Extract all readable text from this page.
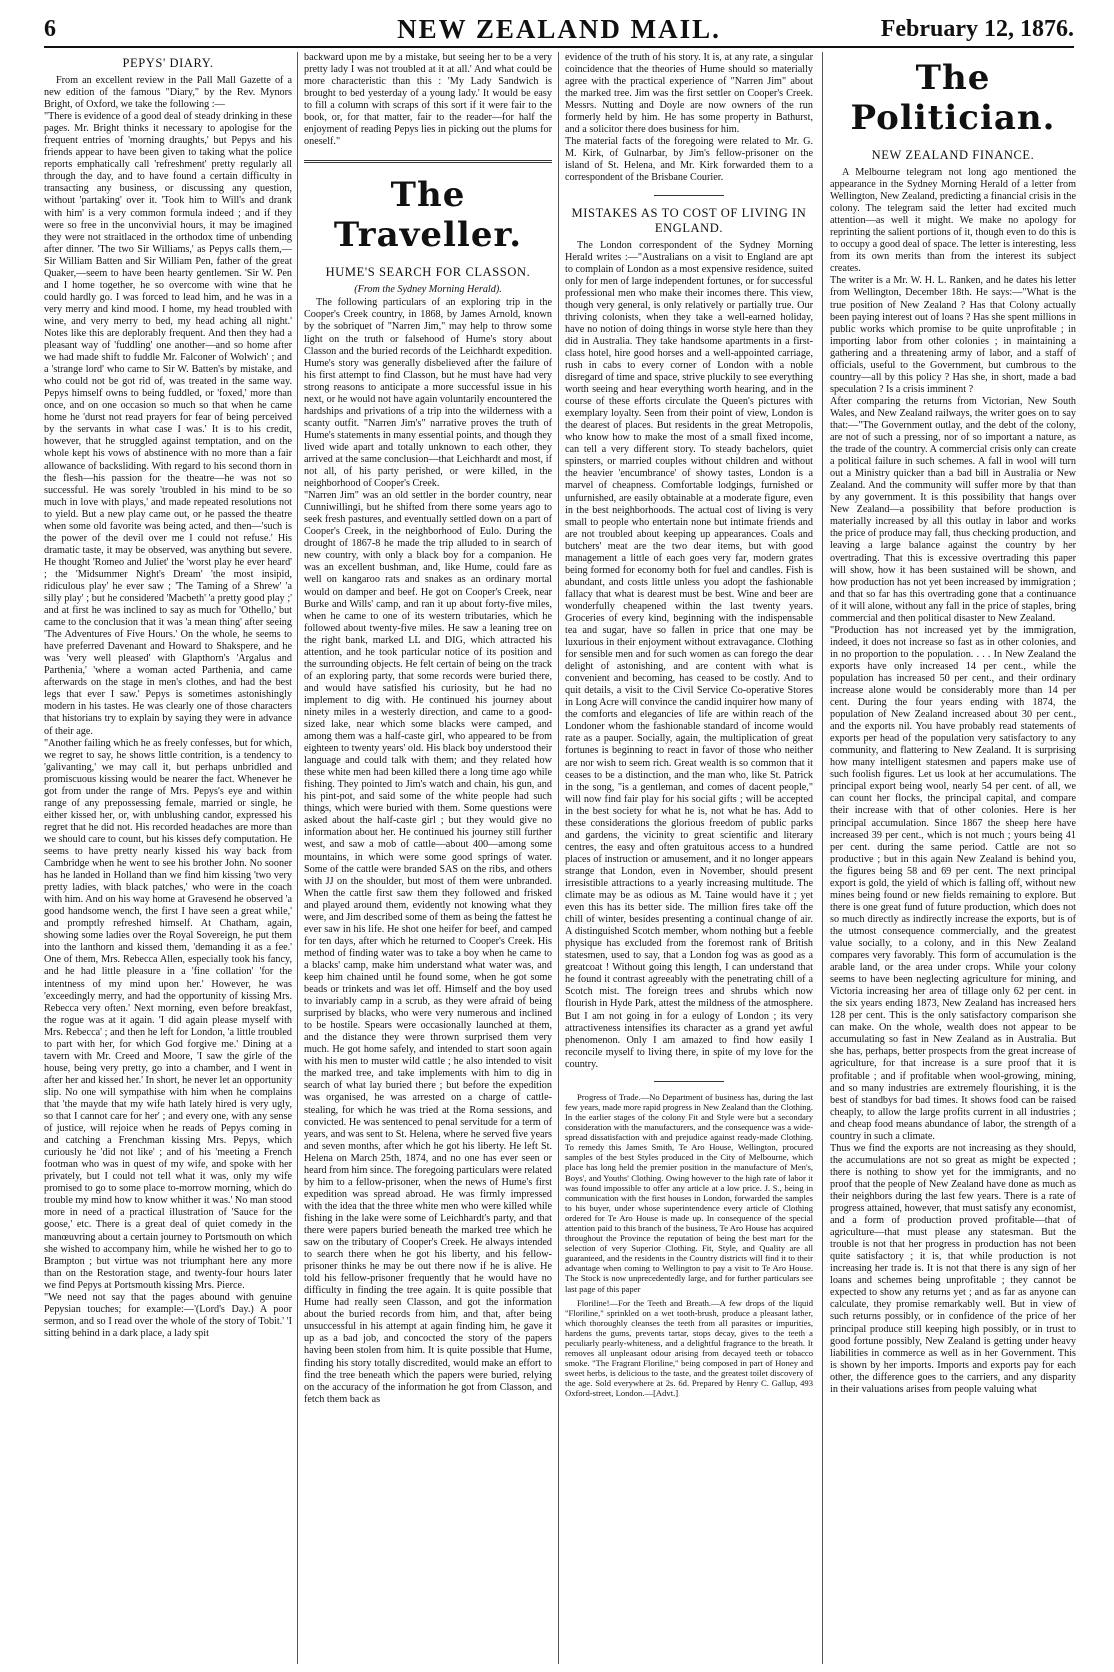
6	NEW ZEALAND MAIL.	February 12, 1876.
PEPYS' DIARY.

From an excellent review in the Pall Mall Gazette of a new edition of the famous "Diary," by the Rev. Mynors Bright, of Oxford, we take the following :—
"There is evidence of a good deal of steady drinking in these pages. Mr. Bright thinks it necessary to apologise for the frequent entries of 'morning draughts,' but Pepys and his friends appear to have been given to taking what the police reports emphatically call 'refreshment' pretty regularly all through the day, and to have found a certain difficulty in transacting any business, or discussing any question, without 'partaking' over it. 'Took him to Will's and drank with him' is a very common formula indeed ; and if they were so free in the unconvivial hours, it may be imagined they were not straitlaced in the orthodox time of unbending after dinner. 'The two Sir Williams,' as Pepys calls them,—Sir William Batten and Sir William Pen, father of the great Quaker,—seem to have been hearty gentlemen. 'Sir W. Pen and I home together, he so overcome with wine that he could hardly go. I was forced to lead him, and he was in a very merry and kind mood. I home, my head troubled with wine, and very merry to bed, my head aching all night.' Notes like this are deplorably frequent. And then they had a pleasant way of 'fuddling' one another—and so home after we had made shift to fuddle Mr. Falconer of Wolwich' ; and a 'strange lord' who came to Sir W. Batten's by mistake, and who could not be got rid of, was treated in the same way. Pepys himself owns to being fuddled, or 'foxed,' more than once, and on one occasion so much so that when he came home he 'durst not read prayers for fear of being perceived by the servants in what case I was.' It is to his credit, however, that he struggled against temptation, and on the whole kept his vows of abstinence with no more than a fair allowance of backsliding. With regard to his second thorn in the flesh—his passion for the theatre—he was not so successful. He was sorely 'troubled in his mind to be so much in love with plays,' and made repeated resolutions not to yield. But a new play came out, or he passed the theatre when some old favorite was being acted, and then—'such is the power of the devil over me I could not refuse.' His dramatic taste, it may be observed, was anything but severe. He thought 'Romeo and Juliet' the 'worst play he ever heard' ; the 'Midsummer Night's Dream' 'the most insipid, ridiculous play' he ever saw ; 'The Taming of a Shrew' 'a silly play' ; but he considered 'Macbeth' 'a pretty good play ;' and at first he was inclined to say as much for 'Othello,' but came to the conclusion that it was 'a mean thing' after seeing 'The Adventures of Five Hours.' On the whole, he seems to have preferred Davenant and Howard to Shakspere, and he was 'very well pleased' with Glapthorn's 'Argalus and Parthenia,' 'where a woman acted Parthenia, and came afterwards on the stage in men's clothes, and had the best legs that ever I saw.' Pepys is sometimes astonishingly modern in his tastes. He was clearly one of those characters that historians try to explain by saying they were in advance of their age.
"Another failing which he as freely confesses, but for which, we regret to say, he shows little contrition, is a tendency to 'galivanting,' we may call it, but perhaps unbridled and promiscuous kissing would be nearer the fact. Whenever he got from under the range of Mrs. Pepys's eye and within range of any prepossessing female, married or single, he either kissed her, or, with unblushing candor, expressed his regret that he did not. His recorded headaches are more than we should care to count, but his kisses defy computation. He seems to have pretty nearly kissed his way back from Cambridge when he went to see his brother John. No sooner has he landed in Holland than we find him kissing 'two very pretty ladies, with black patches,' who were in the coach with him. And on his way home at Gravesend he observed 'a good handsome wench, the first I have seen a great while,' and promptly refreshed himself. At Chatham, again, showing some ladies over the Royal Sovereign, he put them into the lanthorn and kissed them, 'demanding it as a fee.' One of them, Mrs. Rebecca Allen, especially took his fancy, and he had little pleasure in a 'fine collation' 'for the intentness of my mind upon her.' However, he was 'exceedingly merry, and had the opportunity of kissing Mrs. Rebecca very often.' Next morning, even before breakfast, the rogue was at it again. 'I did again please myself with Mrs. Rebecca' ; and then he left for London, 'a little troubled to part with her, for which God forgive me.' Dining at a tavern with Mr. Creed and Moore, 'I saw the girle of the house, being very pretty, go into a chamber, and I went in after her and kissed her.' In short, he never let an opportunity slip. No one will sympathise with him when he complains that 'the mayde that my wife hath lately hired is very ugly, so that I cannot care for her' ; and every one, with any sense of justice, will rejoice when he reads of Pepys coming in and catching a Frenchman kissing Mrs. Pepys, which curiously he 'did not like' ; and of his 'meeting a French footman who was in quest of my wife, and spoke with her privately, but I could not tell what it was, only my wife promised to go to some place to-morrow morning, which do trouble my mind how to know whither it was.' No man stood more in need of a practical illustration of 'Sauce for the goose,' etc. There is a great deal of quiet comedy in the manœuvring about a certain journey to Portsmouth on which she wished to accompany him, while he wished her to go to Brampton ; but virtue was not triumphant here any more than on the Restoration stage, and twenty-four hours later we find Pepys at Portsmouth kissing Mrs. Pierce.
"We need not say that the pages abound with genuine Pepysian touches; for example:—'(Lord's Day.) A poor sermon, and so I read over the whole of the story of Tobit.' 'I sitting behind in a dark place, a lady spit

backward upon me by a mistake, but seeing her to be a very pretty lady I was not troubled at it at all.' And what could be more characteristic than this : 'My Lady Sandwich is brought to bed yesterday of a young lady.' It would be easy to fill a column with scraps of this sort if it were fair to the book, or, for that matter, fair to the reader—for half the enjoyment of reading Pepys lies in picking out the plums for oneself."

The Traveller.
HUME'S SEARCH FOR CLASSON.
(From the Sydney Morning Herald).

The following particulars of an exploring trip in the Cooper's Creek country, in 1868, by James Arnold, known by the sobriquet of "Narren Jim," may help to throw some light on the truth or falsehood of Hume's story about Classon and the buried records of the Leichhardt expedition. Hume's story was generally disbelieved after the failure of his first attempt to find Classon, but he must have had very strong reasons to anticipate a more successful issue in his next, or he would not have again voluntarily encountered the hardships and privations of a trip into the wilderness with a scanty outfit. "Narren Jim's" narrative proves the truth of Hume's statements in many essential points, and though they lived wide apart and totally unknown to each other, they arrived at the same conclusion—that Leichhardt and most, if not all, of his party perished, or were killed, in the neighborhood of Cooper's Creek.
"Narren Jim" was an old settler in the border country, near Cunniwillingi, but he shifted from there some years ago to seek fresh pastures, and eventually settled down on a part of Cooper's Creek, in the neighborhood of Eulo. During the drought of 1867-8 he made the trip alluded to in search of new country, with only a black boy for a companion. He was an excellent bushman, and, like Hume, could fare as well on kangaroo rats and snakes as an ordinary mortal would on damper and beef. He got on Cooper's Creek, near Burke and Wills' camp, and ran it up about forty-five miles, when he came to one of its western tributaries, which he followed about twenty-five miles. He saw a leaning tree on the right bank, marked LL and DIG, which attracted his attention, and he took particular notice of its position and the surrounding objects. He felt certain of being on the track of an exploring party, that some records were buried there, and would have satisfied his curiosity, but he had no implement to dig with. He continued his journey about ninety miles in a westerly direction, and came to a good-sized lake, near which some blacks were camped, and among them was a half-caste girl, who appeared to be from eighteen to twenty years' old. His black boy understood their language and could talk with them; and they related how these white men had been killed there a long time ago while fishing. They pointed to Jim's watch and chain, his gun, and his pint-pot, and said some of the white people had such things, which were buried with them. Some questions were asked about the half-caste girl ; but they would give no information about her. He continued his journey still further west, and saw a mob of cattle—about 400—among some mountains, in which were some good springs of water. Some of the cattle were branded SAS on the ribs, and others with JJ on the shoulder, but most of them were unbranded. When the cattle first saw them they followed and frisked and played around them, evidently not knowing what they were, and Jim described some of them as being the fattest he ever saw in his life. He shot one heifer for beef, and camped for ten days, after which he returned to Cooper's Creek. His method of finding water was to take a boy when he came to a blacks' camp, make him understand what water was, and keep him chained until he found some, when he got some beads or trinkets and was let off. Himself and the boy used to invariably camp in a scrub, as they were afraid of being surprised by blacks, who were very numerous and inclined to be hostile. Spears were occasionally launched at them, and the distance they were thrown surprised them very much. He got home safely, and intended to start soon again with his men to muster wild cattle ; he also intended to visit the marked tree, and take implements with him to dig in search of what lay buried there ; but before the expedition was organised, he was arrested on a charge of cattle-stealing, for which he was tried at the Roma sessions, and convicted. He was sentenced to penal servitude for a term of years, and was sent to St. Helena, where he served five years and seven months, after which he got his liberty. He left St. Helena on March 25th, 1874, and no one has ever seen or heard from him since. The foregoing particulars were related by him to a fellow-prisoner, when the news of Hume's first expedition was spread abroad. He was firmly impressed with the idea that the three white men who were killed while fishing in the lake were some of Leichhardt's party, and that there were papers buried beneath the marked tree which he saw on the tributary of Cooper's Creek. He always intended to search there when he got his liberty, and his fellow-prisoner thinks he may be out there now if he is alive. He told his fellow-prisoner frequently that he would have no difficulty in finding the tree again. It is quite possible that Hume had really seen Classon, and got the information about the buried records from him, and that, after being unsuccessful in his attempt at again finding him, he gave it up as a bad job, and concocted the story of the papers having been stolen from him. It is quite possible that Hume, finding his story totally discredited, would make an effort to find the tree beneath which the papers were buried, relying on the accuracy of the information he got from Classon, and fetch them back as

evidence of the truth of his story. It is, at any rate, a singular coincidence that the theories of Hume should so materially agree with the practical experience of "Narren Jim" about the marked tree. Jim was the first settler on Cooper's Creek. Messrs. Nutting and Doyle are now owners of the run formerly held by him. He has some property in Bathurst, and a solicitor there does business for him.
The material facts of the foregoing were related to Mr. G. M. Kirk, of Gulnarbar, by Jim's fellow-prisoner on the island of St. Helena, and Mr. Kirk forwarded them to a correspondent of the Brisbane Courier.

MISTAKES AS TO COST OF LIVING IN ENGLAND.

The London correspondent of the Sydney Morning Herald writes :—"Australians on a visit to England are apt to complain of London as a most expensive residence, suited only for men of large independent fortunes, or for successful professional men who make their incomes there. This view, though very general, is only relatively or partially true. Our thriving colonists, when they take a well-earned holiday, have no notion of doing things in worse style here than they did in Australia. They take handsome apartments in a first-class hotel, hire good horses and a well-appointed carriage, rush in cabs to every corner of London with a noble disregard of time and space, strive pluckily to see everything worth seeing and hear everything worth hearing, and in the course of these efforts circulate the Queen's pictures with exemplary loyalty. Seen from their point of view, London is the dearest of places. But residents in the great Metropolis, who know how to make the most of a small fixed income, can tell a very different story. To steady bachelors, quiet spinsters, or married couples without children and without the heavier 'encumbrance' of showy tastes, London is a marvel of cheapness. Comfortable lodgings, furnished or unfurnished, are easily obtainable at a moderate figure, even in the best neighborhoods. The actual cost of living is very small to people who entertain none but intimate friends and are not troubled about keeping up appearances. Coals and butchers' meat are the two dear items, but with good management a little of each goes very far, modern grates being formed for economy both for fuel and candles. Fish is abundant, and costs little unless you adopt the fashionable fallacy that what is dearest must be best. Wine and beer are wonderfully cheapened within the last twenty years. Groceries of every kind, beginning with the indispensable tea and sugar, have so fallen in price that one may be luxurious in their enjoyment without extravagance. Clothing for sensible men and for such women as can forego the dear delight of astonishing, and are content with what is convenient and becoming, has ceased to be costly. And to quit details, a visit to the Civil Service Co-operative Stores in Long Acre will convince the candid inquirer how many of the comforts and elegancies of life are within reach of the Londoner whom the fashionable standard of income would rate as a pauper. Socially, again, the multiplication of great fortunes is beginning to react in favor of those who neither are nor wish to seem rich. Great wealth is so common that it ceases to be a distinction, and the man who, like St. Patrick in the song, "is a gentleman, and comes of dacent people," will now find fair play for his social gifts ; will be accepted in the best society for what he is, not what he has. Add to these considerations the glorious freedom of public parks and gardens, the vicinity to great scientific and literary centres, the easy and often gratuitous access to a hundred places of instruction or amusement, and it no longer appears strange that London, even in November, should present irresistible attractions to a yearly increasing multitude. The climate may be as odious as M. Taine would have it ; yet even this has its better side. The million fires take off the chill of winter, besides presenting a continual change of air. A distinguished Scotch member, whom nothing but a feeble physique has excluded from the foremost rank of British statesmen, used to say, that a London fog was as good as a greatcoat ! Without going this length, I can understand that he found it contrast agreeably with the penetrating chill of a Scotch mist. The foreign trees and shrubs which now flourish in Hyde Park, attest the mildness of the atmosphere. But I am not going in for a eulogy of London ; its very attractiveness intensifies its character as a grand yet awful phenomenon. Only I am amazed to find how easily I reconcile myself to living there, in spite of my love for the country.

Progress of Trade.—No Department of business has, during the last few years, made more rapid progress in New Zealand than the Clothing. In the earlier stages of the colony Fit and Style were but a secondary consideration with the manufacturers, and the consequence was a wide-spread dissatisfaction with and prejudice against ready-made Clothing. To remedy this James Smith, Te Aro House, Wellington, procured samples of the best Styles produced in the City of Melbourne, which place has long held the premier position in the manufacture of Men's, Boys', and Youths' Clothing. Owing however to the high rate of labor it was found impossible to offer any article at a low price. J. S., being in communication with the first houses in London, forwarded the samples to his buyer, under whose superintendence every article of Clothing ordered for Te Aro House is made up. In consequence of the special attention paid to this branch of the business, Te Aro House has acquired throughout the Province the reputation of being the best mart for the selection of very Superior Clothing. Fit, Style, and Quality are all guaranteed, and the residents in the Country districts will find it to their advantage when coming to Wellington to pay a visit to Te Aro House. The Stock is now unprecedentedly large, and for further particulars see last page of this paper

Floriline!—For the Teeth and Breath.—A few drops of the liquid "Floriline," sprinkled on a wet tooth-brush, produce a pleasant lather, which thoroughly cleanses the teeth from all parasites or impurities, hardens the gums, prevents tartar, stops decay, gives to the teeth a peculiarly pearly-whiteness, and a delightful fragrance to the breath. It removes all unpleasant odour arising from decayed teeth or tobacco smoke. "The Fragrant Floriline," being composed in part of Honey and sweet herbs, is delicious to the taste, and the greatest toilet discovery of the age. Sold everywhere at 2s. 6d. Prepared by Henry C. Gallup, 493 Oxford-street, London.—[Advt.]

The Politician.
NEW ZEALAND FINANCE.

A Melbourne telegram not long ago mentioned the appearance in the Sydney Morning Herald of a letter from Wellington, New Zealand, predicting a financial crisis in the colony. The telegram said the letter had excited much attention—as well it might. We make no apology for reprinting the salient portions of it, though even to do this is to occupy a good deal of space. The letter is interesting, less from its own merits than from the interest its subject creates.
The writer is a Mr. W. H. L. Ranken, and he dates his letter from Wellington, December 18th. He says:—"What is the true position of New Zealand ? Has that Colony actually been paying interest out of loans ? Has she spent millions in public works which promise to be quite unprofitable ; in importing labor from other colonies ; in maintaining a gathering and a threatening army of labor, and a staff of officials, useful to the Government, but cumbrous to the country—all by this policy ? Has she, in short, made a bad speculation ? Is a crisis imminent ?
After comparing the returns from Victorian, New South Wales, and New Zealand railways, the writer goes on to say that:—"The Government outlay, and the debt of the colony, are not of such a pressing, nor of so important a nature, as the trade of the country. A commercial crisis only can create a political failure in such schemes. A fall in wool will turn out a Ministry quicker than a bad bill in Australia or New Zealand. And the community will suffer more by that than by any government. It is this possibility that hangs over New Zealand—a possibility that before production is materially increased by all this outlay in labor and works the price of produce may fall, thus checking production, and leaving a large balance against the country by her overtrading. That this is excessive overtrading this paper will show, how it has been sustained will be shown, and how production has not yet been increased by immigration ; and that so far has this overtrading gone that a continuance of it will alone, without any fall in the price of staples, bring commercial and then political disaster to New Zealand.
"Production has not increased yet by the immigration, indeed, it does not increase so fast as in other colonies, and in no proportion to the population. . . . In New Zealand the exports have only increased 14 per cent., while the population has increased 50 per cent., and their ordinary increase alone would be considerably more than 14 per cent. During the four years ending with 1874, the population of New Zealand increased about 30 per cent., and the exports nil. You have probably read statements of exports per head of the population very satisfactory to any community, and flattering to New Zealand. It is surprising how many intelligent statesmen and papers make use of such foolish figures. Let us look at her accumulations. The principal export being wool, nearly 54 per cent. of all, we can count her flocks, the principal capital, and compare their increase with that of other colonies. Here is her principal accumulation. Since 1867 the sheep here have increased 39 per cent., which is not much ; yours being 41 per cent. during the same period. Cattle are not so productive ; but in this again New Zealand is behind you, the figures being 58 and 69 per cent. The next principal export is gold, the yield of which is falling off, without new mines being found or new fields remaining to explore. But there is one great fund of future production, which does not so much directly as indirectly increase the exports, but is of the utmost consequence commercially, and the greatest value socially, to a colony, and in this New Zealand compares very favorably. This form of accumulation is the arable land, or the area under crops. While your colony seems to have been neglecting agriculture for mining, and Victoria increasing her area of tillage only 62 per cent. in the six years ending 1873, New Zealand has increased hers 128 per cent. This is the only satisfactory comparison she can make. On the whole, wealth does not appear to be accumulating so fast in New Zealand as in Australia. But she has, perhaps, better prospects from the great increase of agriculture, for that increase is a sure proof that it is profitable ; and if profitable when wool-growing, mining, and so many industries are extremely flourishing, it is the best of standbys for bad times. It shows food can be raised cheaply, to allow the large profits current in all industries ; and cheap food means abundance of labor, the strength of a country in such a climate.
Thus we find the exports are not increasing as they should, the accumulations are not so great as might be expected ; there is nothing to show yet for the immigrants, and no proof that the people of New Zealand have done as much as their neighbors during the last few years. There is a rate of progress attained, however, that must satisfy any economist, and a form of production proved profitable—that of agriculture—that must please any statesman. But the trouble is not that her progress in production has not been quite satisfactory ; it is, that while production is not increasing her trade is. It is not that there is any sign of her loans and schemes being unprofitable ; they cannot be expected to show any returns yet ; and as far as anyone can calculate, they promise remarkably well. But in view of such returns possibly, or in confidence of the price of her principal produce still keeping high possibly, or in trust to good fortune possibly, New Zealand is getting under heavy liabilities in commerce as well as in her Government. This is shown by her imports. Imports and exports pay for each other, the difference goes to the carriers, and any disparity in their valuations arises from people valuing what
